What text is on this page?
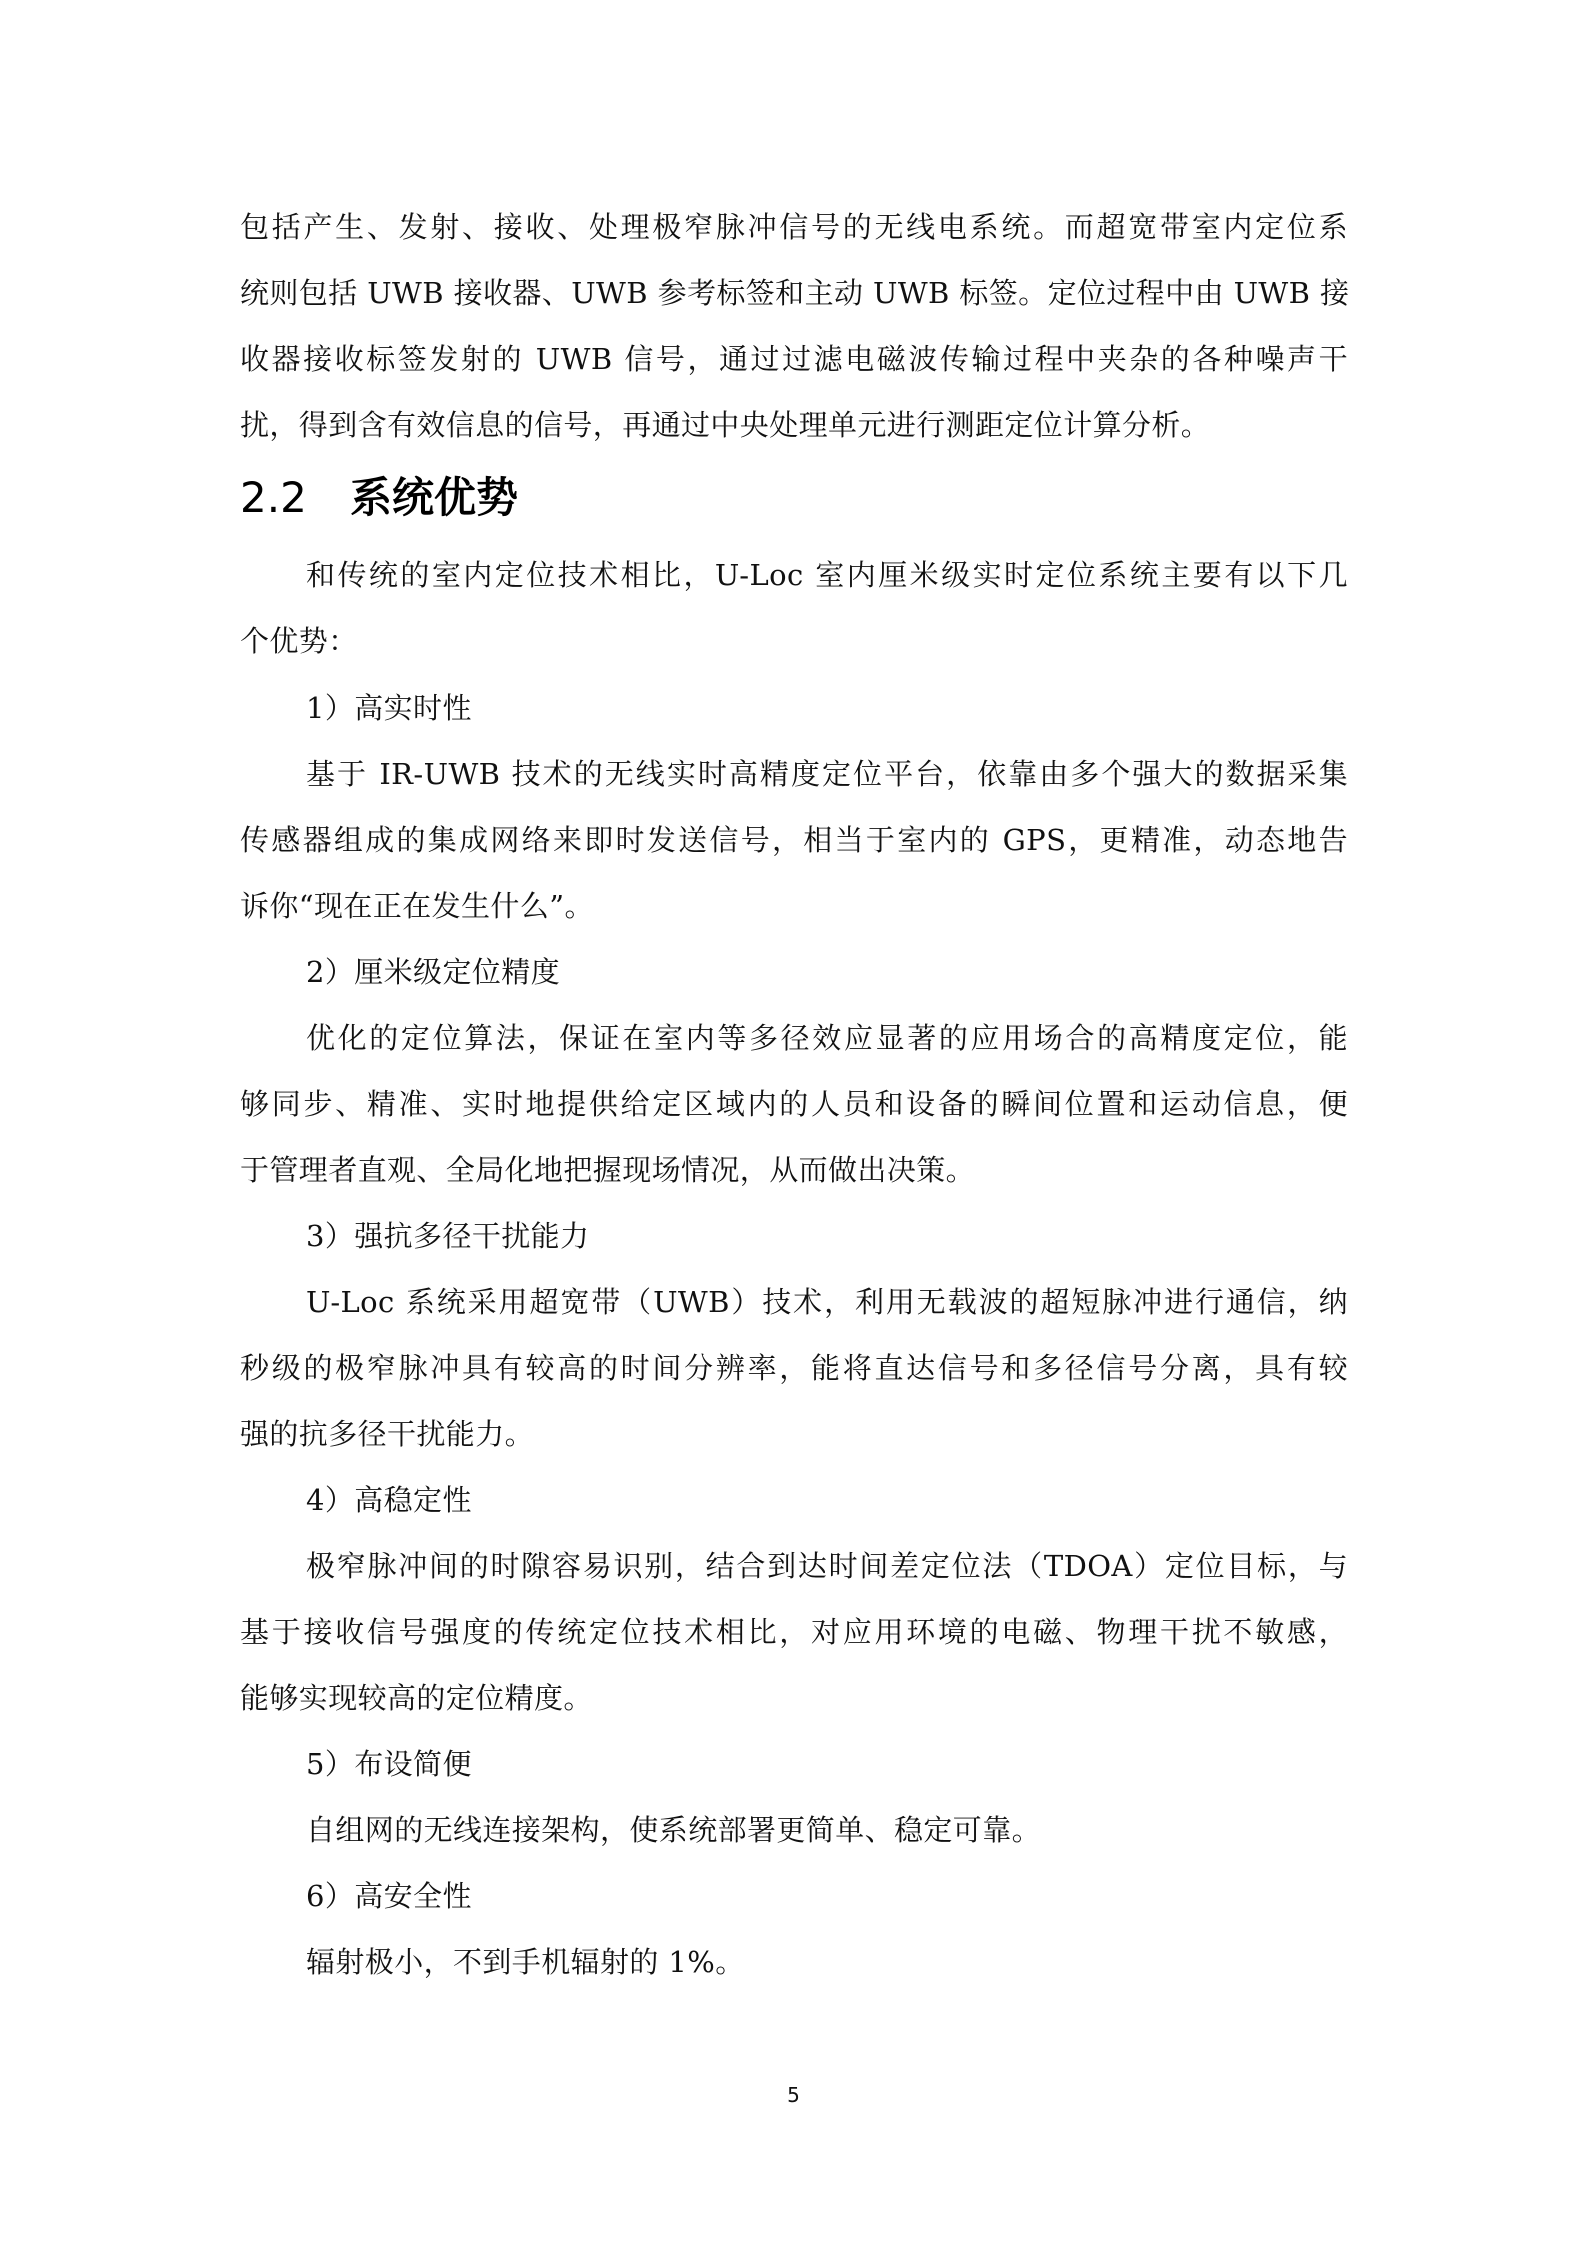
包括产生、发射、接收、处理极窄脉冲信号的无线电系统。而超宽带室内定位系
统则包括 UWB 接收器、UWB 参考标签和主动 UWB 标签。定位过程中由 UWB 接
收器接收标签发射的 UWB 信号，通过过滤电磁波传输过程中夹杂的各种噪声干
扰，得到含有效信息的信号，再通过中央处理单元进行测距定位计算分析。
2.2 系统优势
和传统的室内定位技术相比，U-Loc 室内厘米级实时定位系统主要有以下几
个优势：
1）高实时性
基于 IR-UWB 技术的无线实时高精度定位平台，依靠由多个强大的数据采集
传感器组成的集成网络来即时发送信号，相当于室内的 GPS，更精准，动态地告
诉你“现在正在发生什么”。
2）厘米级定位精度
优化的定位算法，保证在室内等多径效应显著的应用场合的高精度定位，能
够同步、精准、实时地提供给定区域内的人员和设备的瞬间位置和运动信息，便
于管理者直观、全局化地把握现场情况，从而做出决策。
3）强抗多径干扰能力
U-Loc 系统采用超宽带（UWB）技术，利用无载波的超短脉冲进行通信，纳
秒级的极窄脉冲具有较高的时间分辨率，能将直达信号和多径信号分离，具有较
强的抗多径干扰能力。
4）高稳定性
极窄脉冲间的时隙容易识别，结合到达时间差定位法（TDOA）定位目标，与
基于接收信号强度的传统定位技术相比，对应用环境的电磁、物理干扰不敏感，
能够实现较高的定位精度。
5）布设简便
自组网的无线连接架构，使系统部署更简单、稳定可靠。
6）高安全性
辐射极小，不到手机辐射的 1%。
5
